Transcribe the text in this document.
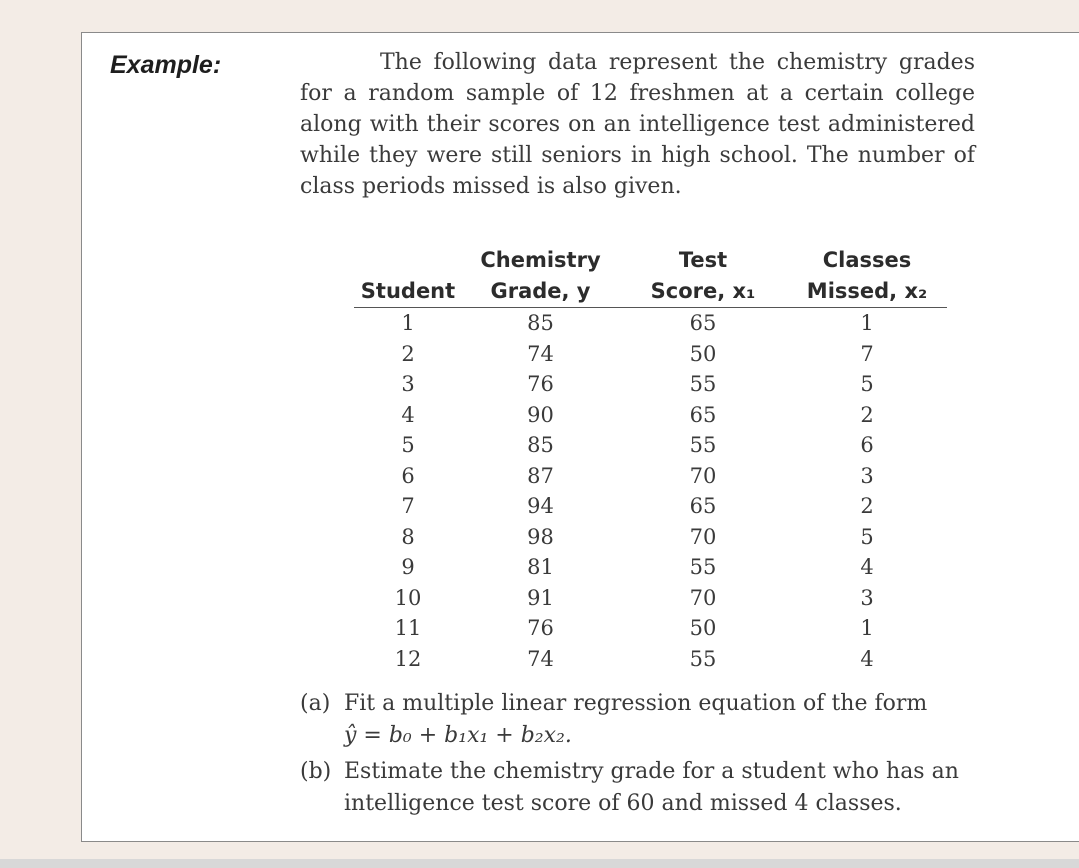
Example:	The following data represent the chemistry grades for a random sample of 12 freshmen at a certain college along with their scores on an intelligence test administered while they were still seniors in high school. The number of class periods missed is also given.
	Chemistry	Test	Classes
Student	Grade, y	Score, x₁	Missed, x₂
1	85	65	1
2	74	50	7
3	76	55	5
4	90	65	2
5	85	55	6
6	87	70	3
7	94	65	2
8	98	70	5
9	81	55	4
10	91	70	3
11	76	50	1
12	74	55	4
(a) Fit a multiple linear regression equation of the form
ŷ = b₀ + b₁x₁ + b₂x₂.
(b) Estimate the chemistry grade for a student who has an intelligence test score of 60 and missed 4 classes.
